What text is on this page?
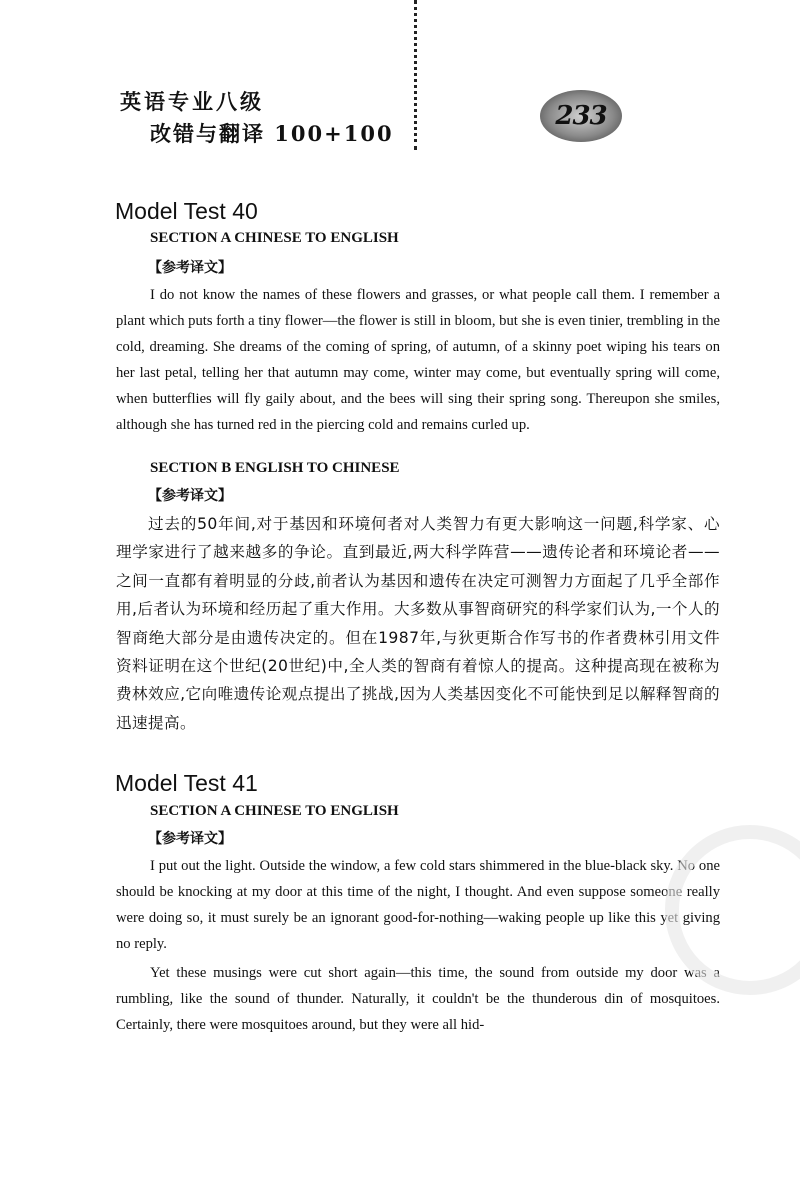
英语专业八级
改错与翻译 100+100
233
Model Test 40
SECTION A CHINESE TO ENGLISH
【参考译文】

I do not know the names of these flowers and grasses, or what people call them. I remember a plant which puts forth a tiny flower—the flower is still in bloom, but she is even tinier, trembling in the cold, dreaming. She dreams of the coming of spring, of autumn, of a skinny poet wiping his tears on her last petal, telling her that autumn may come, winter may come, but eventually spring will come, when butterflies will fly gaily about, and the bees will sing their spring song. Thereupon she smiles, although she has turned red in the piercing cold and remains curled up.

SECTION B ENGLISH TO CHINESE
【参考译文】

过去的50年间,对于基因和环境何者对人类智力有更大影响这一问题,科学家、心理学家进行了越来越多的争论。直到最近,两大科学阵营——遗传论者和环境论者——之间一直都有着明显的分歧,前者认为基因和遗传在决定可测智力方面起了几乎全部作用,后者认为环境和经历起了重大作用。大多数从事智商研究的科学家们认为,一个人的智商绝大部分是由遗传决定的。但在1987年,与狄更斯合作写书的作者费林引用文件资料证明在这个世纪(20世纪)中,全人类的智商有着惊人的提高。这种提高现在被称为费林效应,它向唯遗传论观点提出了挑战,因为人类基因变化不可能快到足以解释智商的迅速提高。

Model Test 41
SECTION A CHINESE TO ENGLISH
【参考译文】

I put out the light. Outside the window, a few cold stars shimmered in the blue-black sky. No one should be knocking at my door at this time of the night, I thought. And even suppose someone really were doing so, it must surely be an ignorant good-for-nothing—waking people up like this yet giving no reply.

Yet these musings were cut short again—this time, the sound from outside my door was a rumbling, like the sound of thunder. Naturally, it couldn't be the thunderous din of mosquitoes. Certainly, there were mosquitoes around, but they were all hid-
